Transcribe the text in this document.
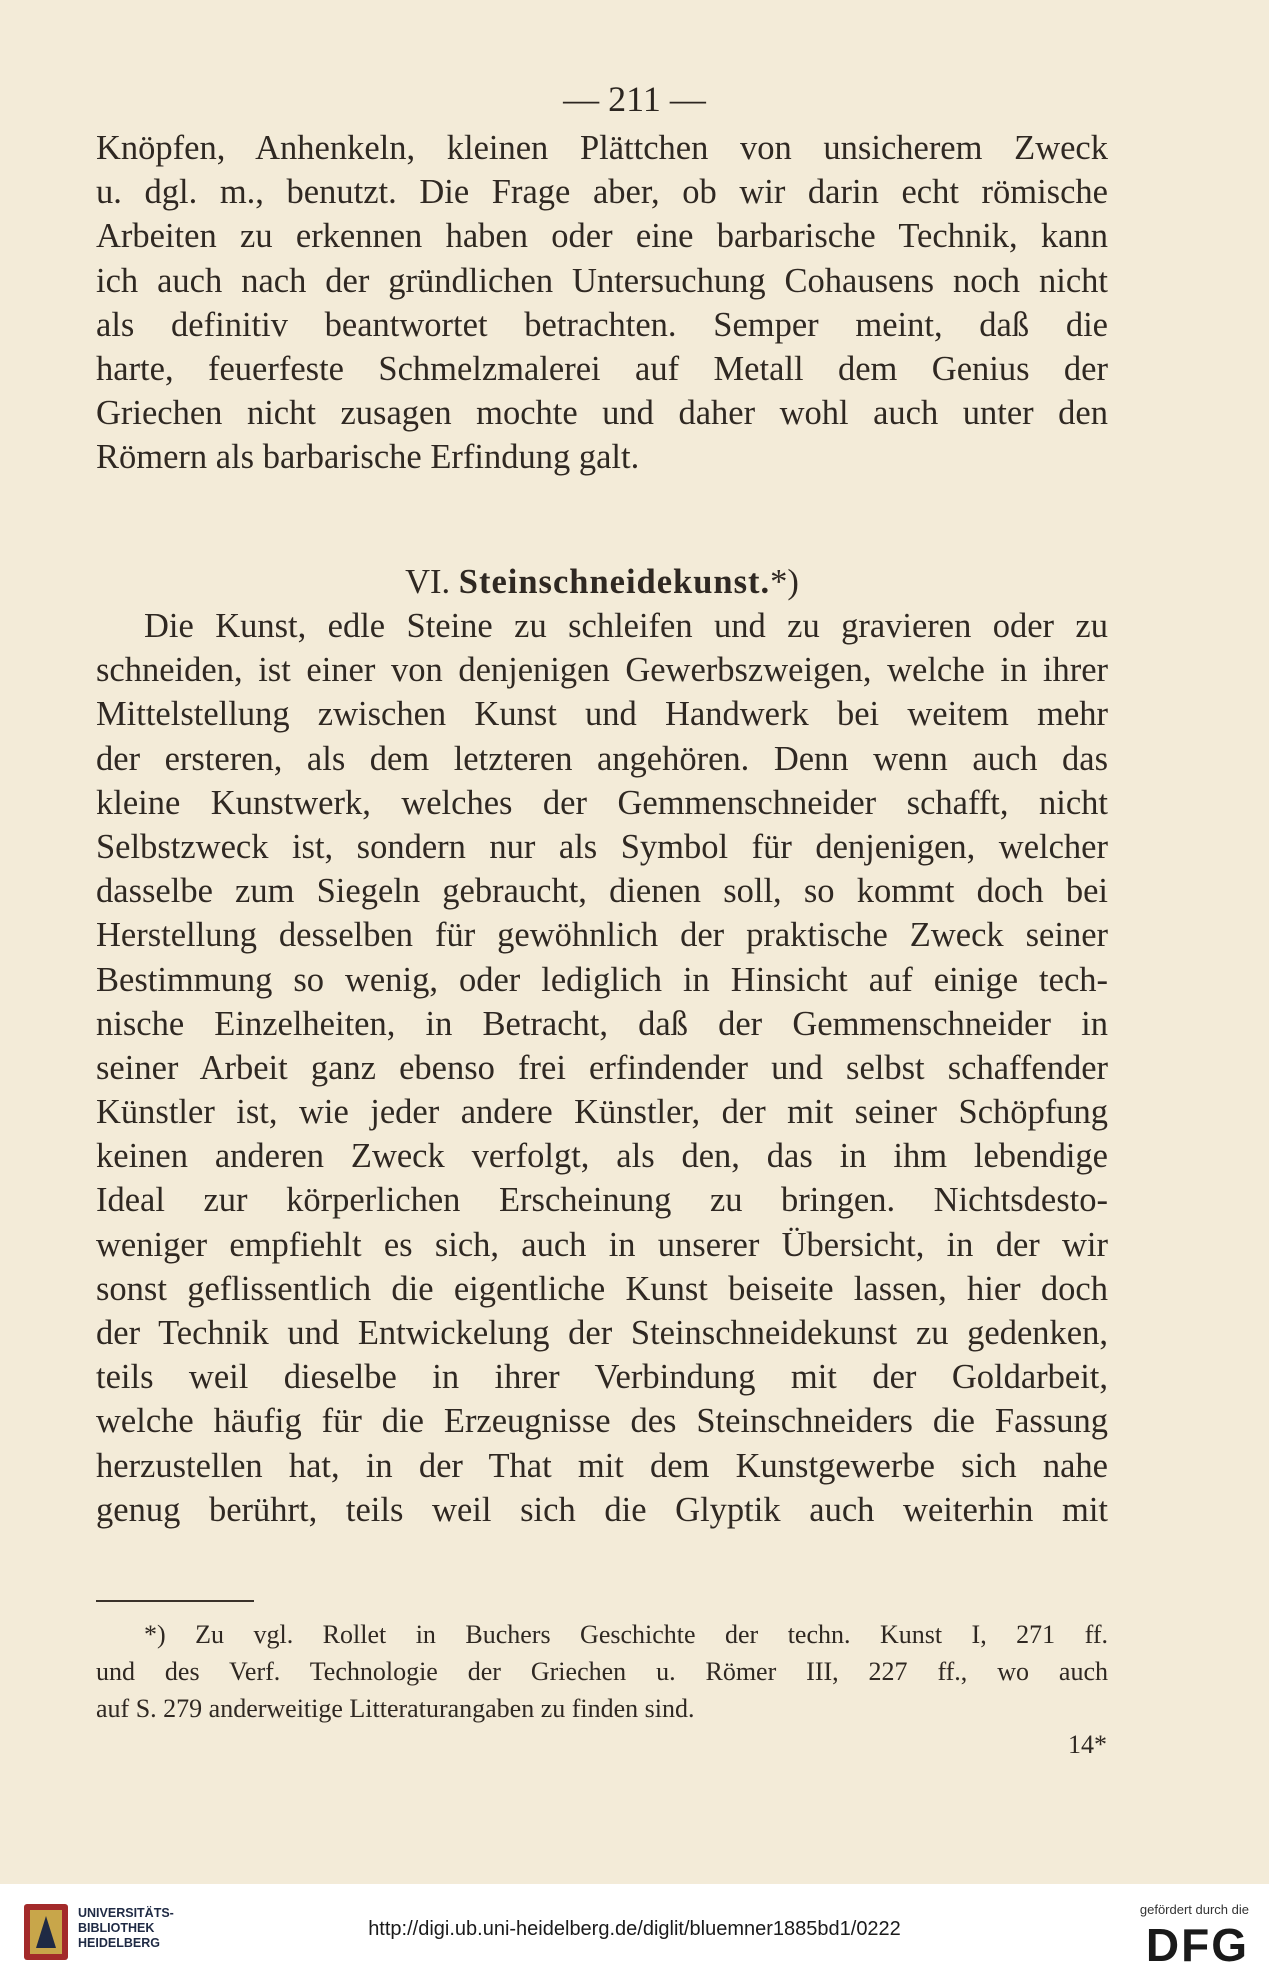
— 211 —
Knöpfen, Anhenkeln, kleinen Plättchen von unsicherem Zweck
u. dgl. m., benutzt. Die Frage aber, ob wir darin echt römische
Arbeiten zu erkennen haben oder eine barbarische Technik, kann
ich auch nach der gründlichen Untersuchung Cohausens noch nicht
als definitiv beantwortet betrachten. Semper meint, daß die
harte, feuerfeste Schmelzmalerei auf Metall dem Genius der
Griechen nicht zusagen mochte und daher wohl auch unter den
Römern als barbarische Erfindung galt.
VI. Steinschneidekunst.*)
Die Kunst, edle Steine zu schleifen und zu gravieren oder zu
schneiden, ist einer von denjenigen Gewerbszweigen, welche in ihrer
Mittelstellung zwischen Kunst und Handwerk bei weitem mehr
der ersteren, als dem letzteren angehören. Denn wenn auch das
kleine Kunstwerk, welches der Gemmenschneider schafft, nicht
Selbstzweck ist, sondern nur als Symbol für denjenigen, welcher
dasselbe zum Siegeln gebraucht, dienen soll, so kommt doch bei
Herstellung desselben für gewöhnlich der praktische Zweck seiner
Bestimmung so wenig, oder lediglich in Hinsicht auf einige tech-
nische Einzelheiten, in Betracht, daß der Gemmenschneider in
seiner Arbeit ganz ebenso frei erfindender und selbst schaffender
Künstler ist, wie jeder andere Künstler, der mit seiner Schöpfung
keinen anderen Zweck verfolgt, als den, das in ihm lebendige
Ideal zur körperlichen Erscheinung zu bringen. Nichtsdesto-
weniger empfiehlt es sich, auch in unserer Übersicht, in der wir
sonst geflissentlich die eigentliche Kunst beiseite lassen, hier doch
der Technik und Entwickelung der Steinschneidekunst zu gedenken,
teils weil dieselbe in ihrer Verbindung mit der Goldarbeit,
welche häufig für die Erzeugnisse des Steinschneiders die Fassung
herzustellen hat, in der That mit dem Kunstgewerbe sich nahe
genug berührt, teils weil sich die Glyptik auch weiterhin mit
*) Zu vgl. Rollet in Buchers Geschichte der techn. Kunst I, 271 ff.
und des Verf. Technologie der Griechen u. Römer III, 227 ff., wo auch
auf S. 279 anderweitige Litteraturangaben zu finden sind.
14*
UNIVERSITÄTS-
BIBLIOTHEK
HEIDELBERG
http://digi.ub.uni-heidelberg.de/diglit/bluemner1885bd1/0222
gefördert durch die
DFG
